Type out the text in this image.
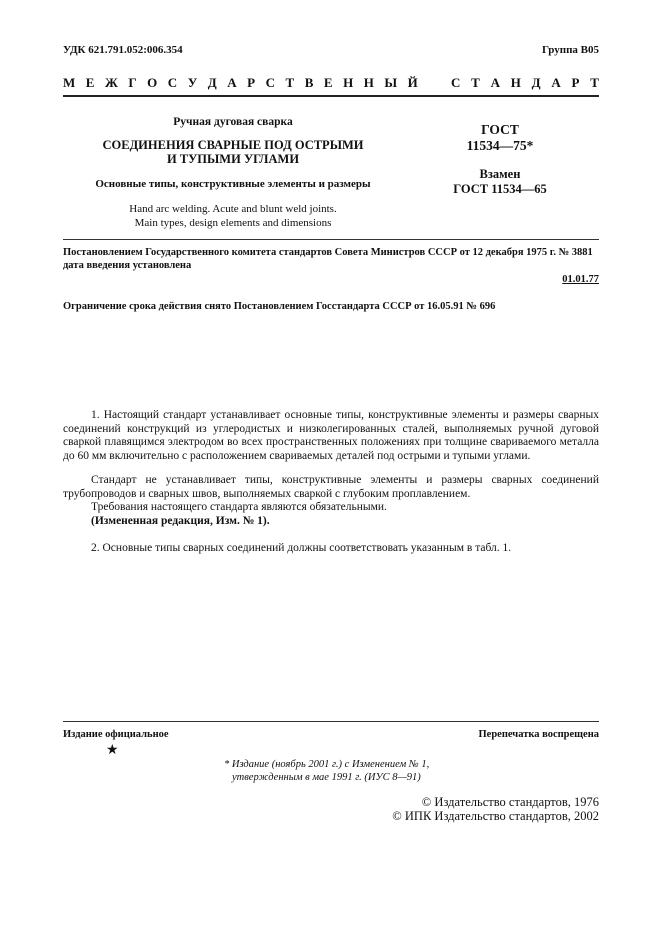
УДК 621.791.052:006.354	Группа В05
М Е Ж Г О С У Д А Р С Т В Е Н Н Ы Й	С Т А Н Д А Р Т
Ручная дуговая сварка
СОЕДИНЕНИЯ СВАРНЫЕ ПОД ОСТРЫМИ
И ТУПЫМИ УГЛАМИ
Основные типы, конструктивные элементы и размеры
Hand arc welding. Acute and blunt weld joints.
Main types, design elements and dimensions
ГОСТ
11534—75*
Взамен
ГОСТ 11534—65
Постановлением Государственного комитета стандартов Совета Министров СССР от 12 декабря 1975 г. № 3881
дата введения установлена
01.01.77
Ограничение срока действия снято Постановлением Госстандарта СССР от 16.05.91 № 696

1. Настоящий стандарт устанавливает основные типы, конструктивные элементы и размеры сварных соединений конструкций из углеродистых и низколегированных сталей, выполняемых ручной дуговой сваркой плавящимся электродом во всех пространственных положениях при толщине свариваемого металла до 60 мм включительно с расположением свариваемых деталей под острыми и тупыми углами.

Стандарт не устанавливает типы, конструктивные элементы и размеры сварных соединений трубопроводов и сварных швов, выполняемых сваркой с глубоким проплавлением.

Требования настоящего стандарта являются обязательными.

(Измененная редакция, Изм. № 1).

2. Основные типы сварных соединений должны соответствовать указанным в табл. 1.

Издание официальное	Перепечатка воспрещена
★
* Издание (ноябрь 2001 г.) с Изменением № 1,
утвержденным в мае 1991 г. (ИУС 8—91)
© Издательство стандартов, 1976
© ИПК Издательство стандартов, 2002
